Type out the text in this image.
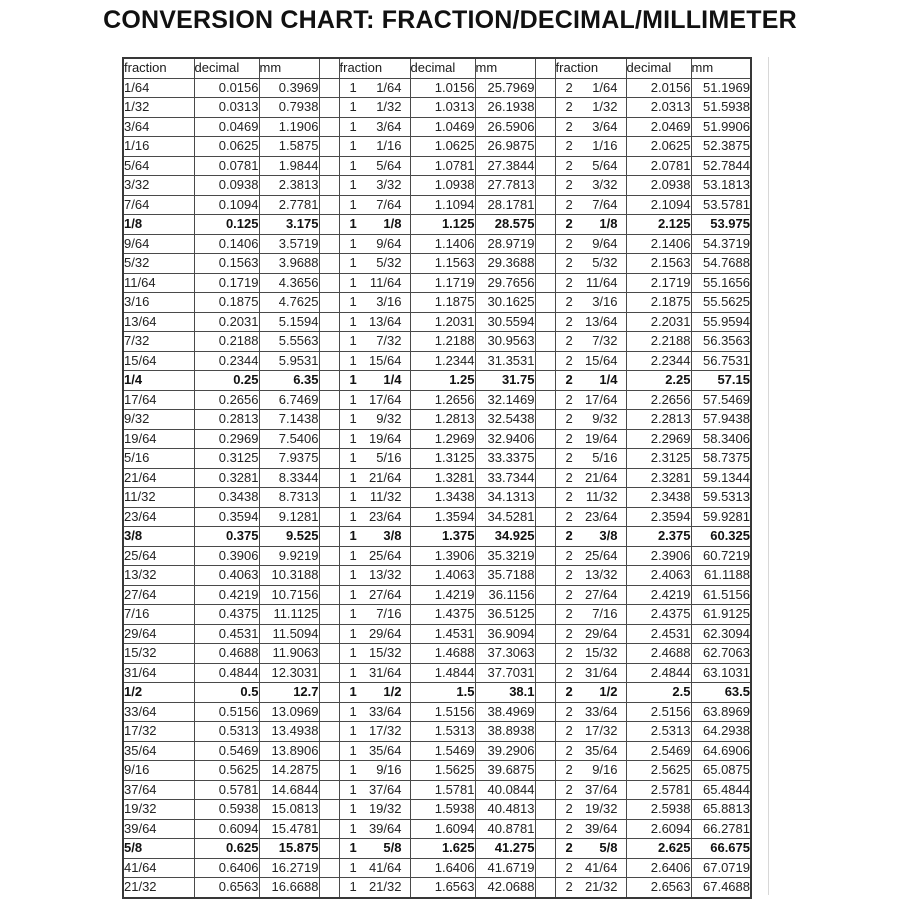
CONVERSION CHART: FRACTION/DECIMAL/MILLIMETER
fraction	decimal	mm		fraction	decimal	mm		fraction	decimal	mm
1/64	0.0156	0.3969		1 1/64	1.0156	25.7969		2 1/64	2.0156	51.1969
1/32	0.0313	0.7938		1 1/32	1.0313	26.1938		2 1/32	2.0313	51.5938
3/64	0.0469	1.1906		1 3/64	1.0469	26.5906		2 3/64	2.0469	51.9906
1/16	0.0625	1.5875		1 1/16	1.0625	26.9875		2 1/16	2.0625	52.3875
5/64	0.0781	1.9844		1 5/64	1.0781	27.3844		2 5/64	2.0781	52.7844
3/32	0.0938	2.3813		1 3/32	1.0938	27.7813		2 3/32	2.0938	53.1813
7/64	0.1094	2.7781		1 7/64	1.1094	28.1781		2 7/64	2.1094	53.5781
1/8	0.125	3.175		1 1/8	1.125	28.575		2 1/8	2.125	53.975
9/64	0.1406	3.5719		1 9/64	1.1406	28.9719		2 9/64	2.1406	54.3719
5/32	0.1563	3.9688		1 5/32	1.1563	29.3688		2 5/32	2.1563	54.7688
11/64	0.1719	4.3656		1 11/64	1.1719	29.7656		2 11/64	2.1719	55.1656
3/16	0.1875	4.7625		1 3/16	1.1875	30.1625		2 3/16	2.1875	55.5625
13/64	0.2031	5.1594		1 13/64	1.2031	30.5594		2 13/64	2.2031	55.9594
7/32	0.2188	5.5563		1 7/32	1.2188	30.9563		2 7/32	2.2188	56.3563
15/64	0.2344	5.9531		1 15/64	1.2344	31.3531		2 15/64	2.2344	56.7531
1/4	0.25	6.35		1 1/4	1.25	31.75		2 1/4	2.25	57.15
17/64	0.2656	6.7469		1 17/64	1.2656	32.1469		2 17/64	2.2656	57.5469
9/32	0.2813	7.1438		1 9/32	1.2813	32.5438		2 9/32	2.2813	57.9438
19/64	0.2969	7.5406		1 19/64	1.2969	32.9406		2 19/64	2.2969	58.3406
5/16	0.3125	7.9375		1 5/16	1.3125	33.3375		2 5/16	2.3125	58.7375
21/64	0.3281	8.3344		1 21/64	1.3281	33.7344		2 21/64	2.3281	59.1344
11/32	0.3438	8.7313		1 11/32	1.3438	34.1313		2 11/32	2.3438	59.5313
23/64	0.3594	9.1281		1 23/64	1.3594	34.5281		2 23/64	2.3594	59.9281
3/8	0.375	9.525		1 3/8	1.375	34.925		2 3/8	2.375	60.325
25/64	0.3906	9.9219		1 25/64	1.3906	35.3219		2 25/64	2.3906	60.7219
13/32	0.4063	10.3188		1 13/32	1.4063	35.7188		2 13/32	2.4063	61.1188
27/64	0.4219	10.7156		1 27/64	1.4219	36.1156		2 27/64	2.4219	61.5156
7/16	0.4375	11.1125		1 7/16	1.4375	36.5125		2 7/16	2.4375	61.9125
29/64	0.4531	11.5094		1 29/64	1.4531	36.9094		2 29/64	2.4531	62.3094
15/32	0.4688	11.9063		1 15/32	1.4688	37.3063		2 15/32	2.4688	62.7063
31/64	0.4844	12.3031		1 31/64	1.4844	37.7031		2 31/64	2.4844	63.1031
1/2	0.5	12.7		1 1/2	1.5	38.1		2 1/2	2.5	63.5
33/64	0.5156	13.0969		1 33/64	1.5156	38.4969		2 33/64	2.5156	63.8969
17/32	0.5313	13.4938		1 17/32	1.5313	38.8938		2 17/32	2.5313	64.2938
35/64	0.5469	13.8906		1 35/64	1.5469	39.2906		2 35/64	2.5469	64.6906
9/16	0.5625	14.2875		1 9/16	1.5625	39.6875		2 9/16	2.5625	65.0875
37/64	0.5781	14.6844		1 37/64	1.5781	40.0844		2 37/64	2.5781	65.4844
19/32	0.5938	15.0813		1 19/32	1.5938	40.4813		2 19/32	2.5938	65.8813
39/64	0.6094	15.4781		1 39/64	1.6094	40.8781		2 39/64	2.6094	66.2781
5/8	0.625	15.875		1 5/8	1.625	41.275		2 5/8	2.625	66.675
41/64	0.6406	16.2719		1 41/64	1.6406	41.6719		2 41/64	2.6406	67.0719
21/32	0.6563	16.6688		1 21/32	1.6563	42.0688		2 21/32	2.6563	67.4688
